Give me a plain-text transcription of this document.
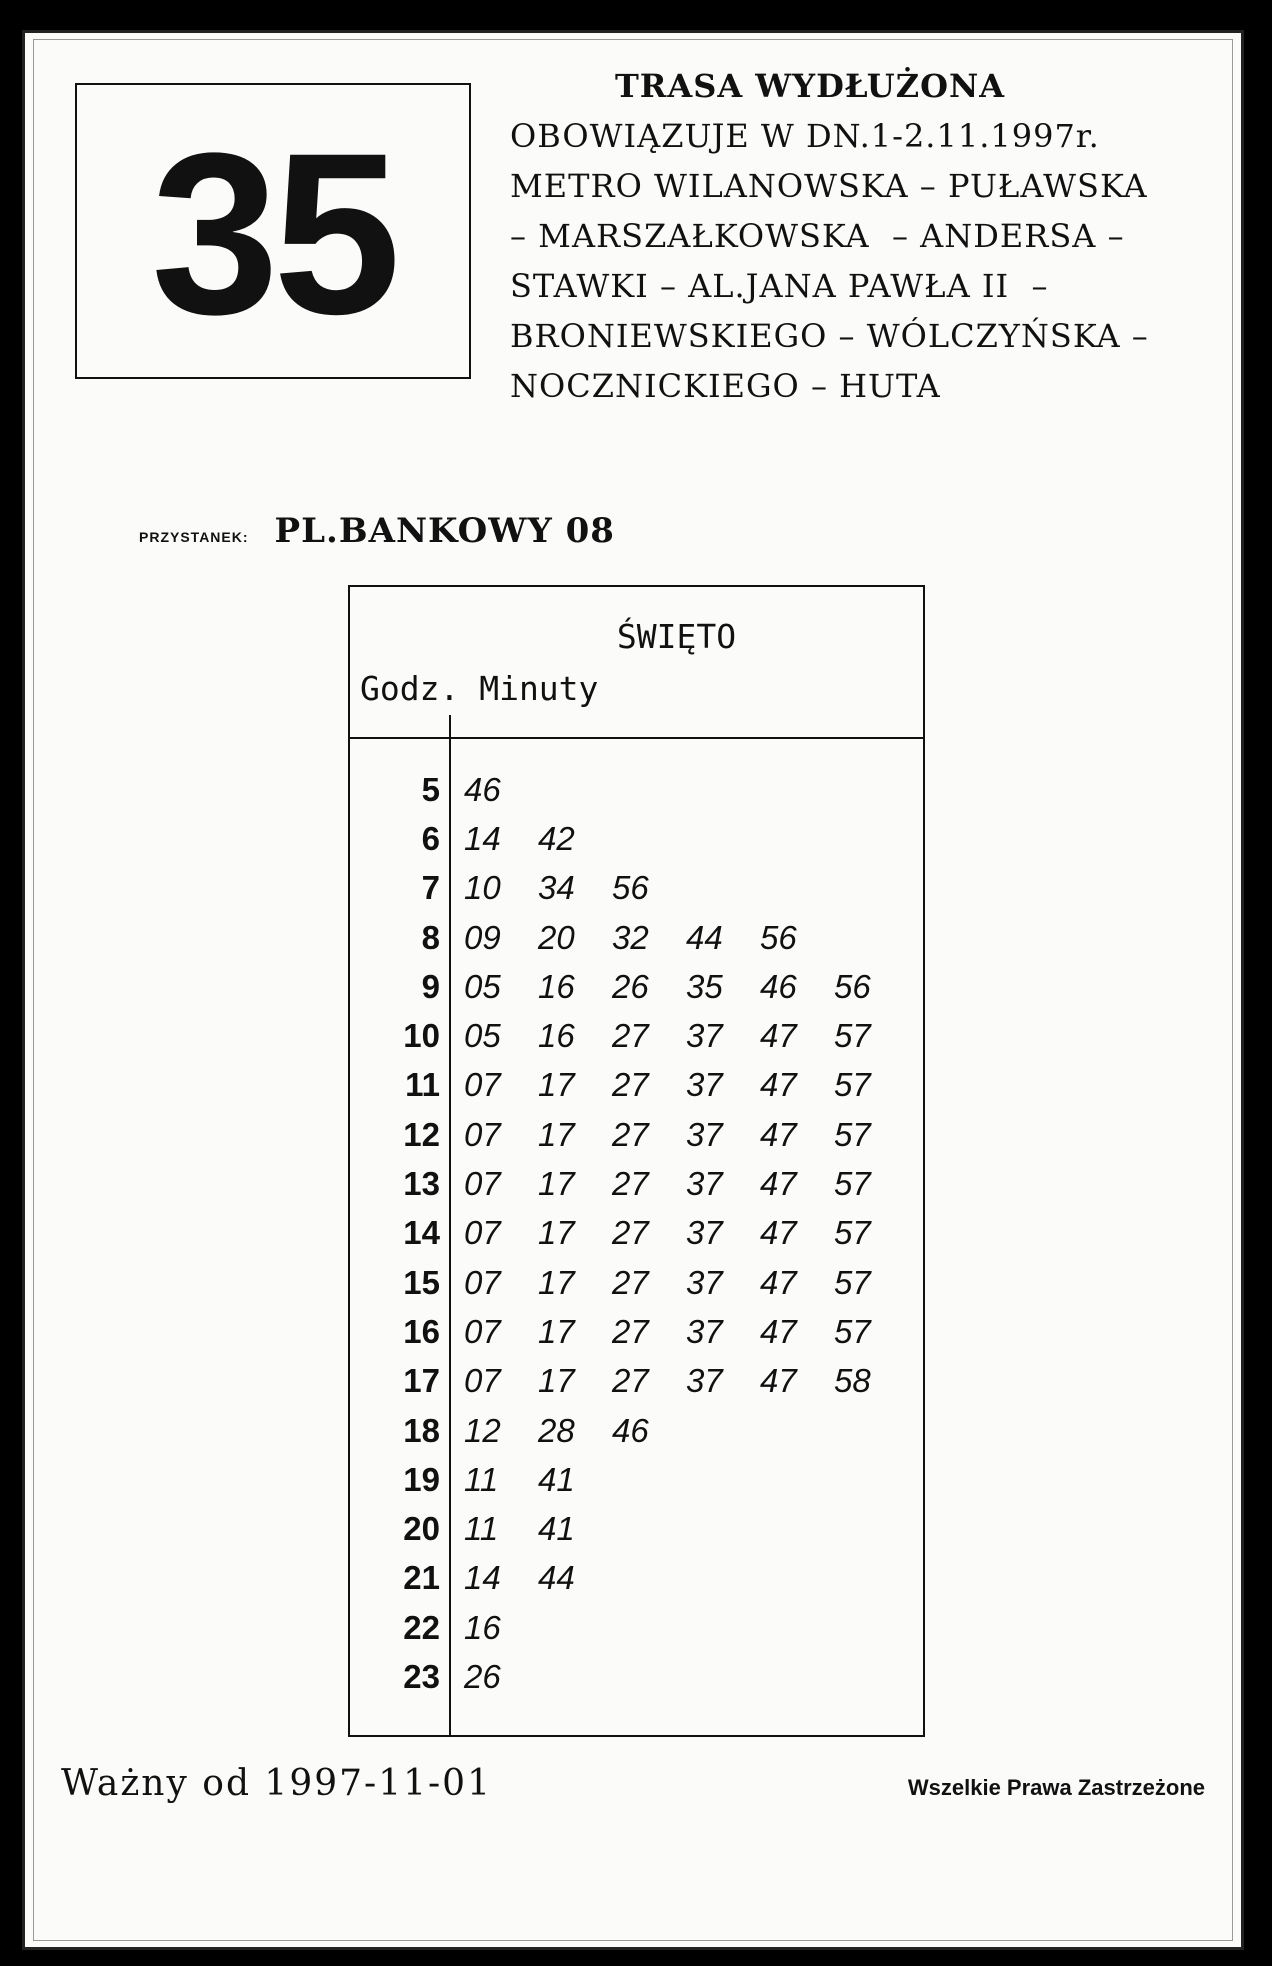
35
TRASA WYDŁUŻONA
OBOWIĄZUJE W DN.1-2.11.1997r.
METRO WILANOWSKA – PUŁAWSKA
– MARSZAŁKOWSKA  – ANDERSA –
STAWKI – AL.JANA PAWŁA II  –
BRONIEWSKIEGO – WÓLCZYŃSKA –
NOCZNICKIEGO – HUTA
PRZYSTANEK: PL.BANKOWY 08
ŚWIĘTO
Godz. Minuty
5 46
6 14	42
7 10	34	56
8 09	20	32	44	56
9 05	16	26	35	46	56
10 05	16	27	37	47	57
11 07	17	27	37	47	57
12 07	17	27	37	47	57
13 07	17	27	37	47	57
14 07	17	27	37	47	57
15 07	17	27	37	47	57
16 07	17	27	37	47	57
17 07	17	27	37	47	58
18 12	28	46
19 11	41
20 11	41
21 14	44
22 16
23 26
Ważny od 1997-11-01	Wszelkie Prawa Zastrzeżone
